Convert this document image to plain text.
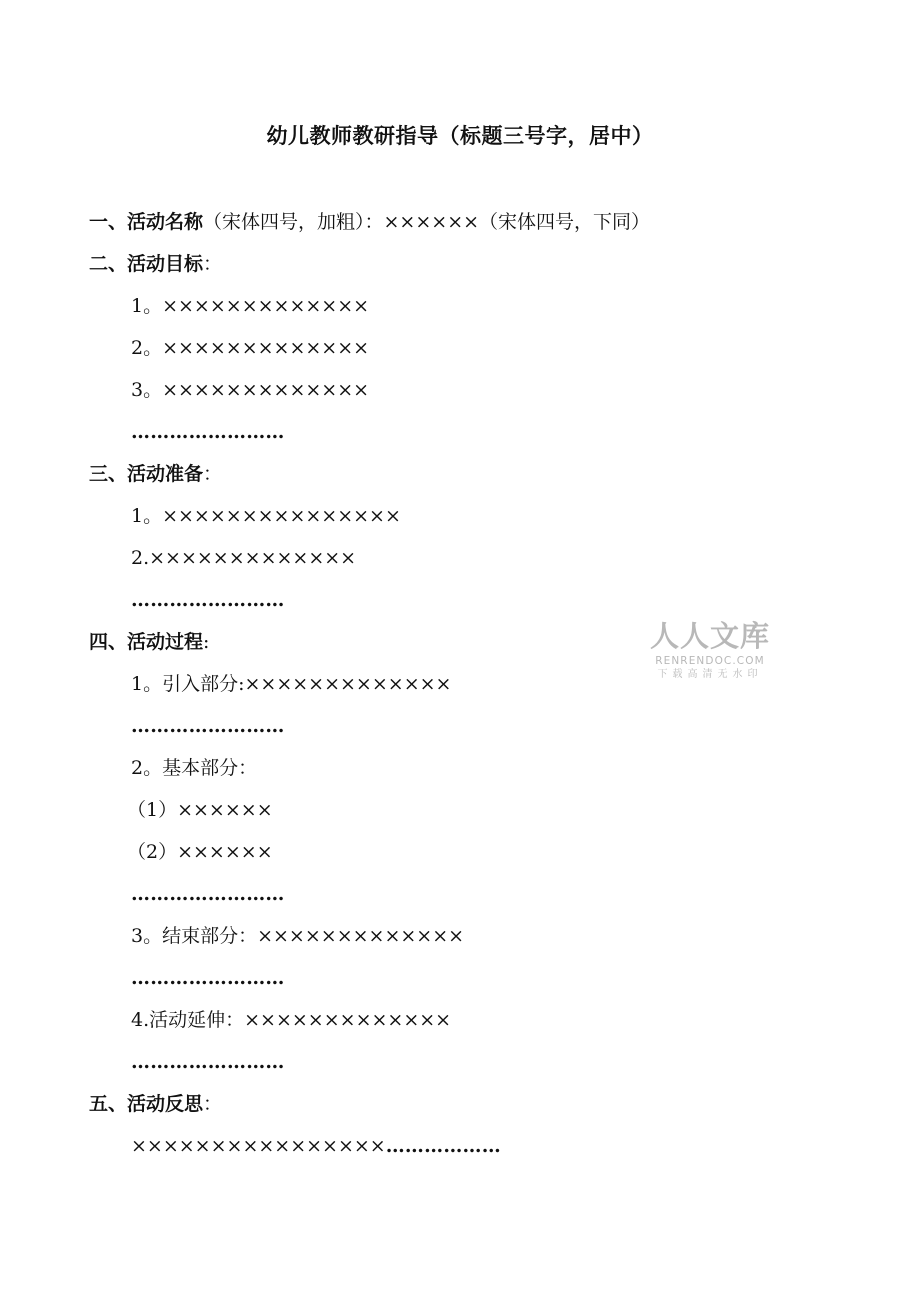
幼儿教师教研指导（标题三号字，居中）
一、活动名称（宋体四号，加粗）：××××××（宋体四号，下同）
二、活动目标：
1。×××××××××××××
2。×××××××××××××
3。×××××××××××××
……………………
三、活动准备：
1。×××××××××××××××
2.×××××××××××××
……………………
四、活动过程:
1。引入部分:×××××××××××××
……………………
2。基本部分：
（1）××××××
（2）××××××
……………………
3。结束部分：×××××××××××××
……………………
4.活动延伸：×××××××××××××
……………………
五、活动反思：
××××××××××××××××………………
人人文库
RENRENDOC.COM
下载高清无水印
